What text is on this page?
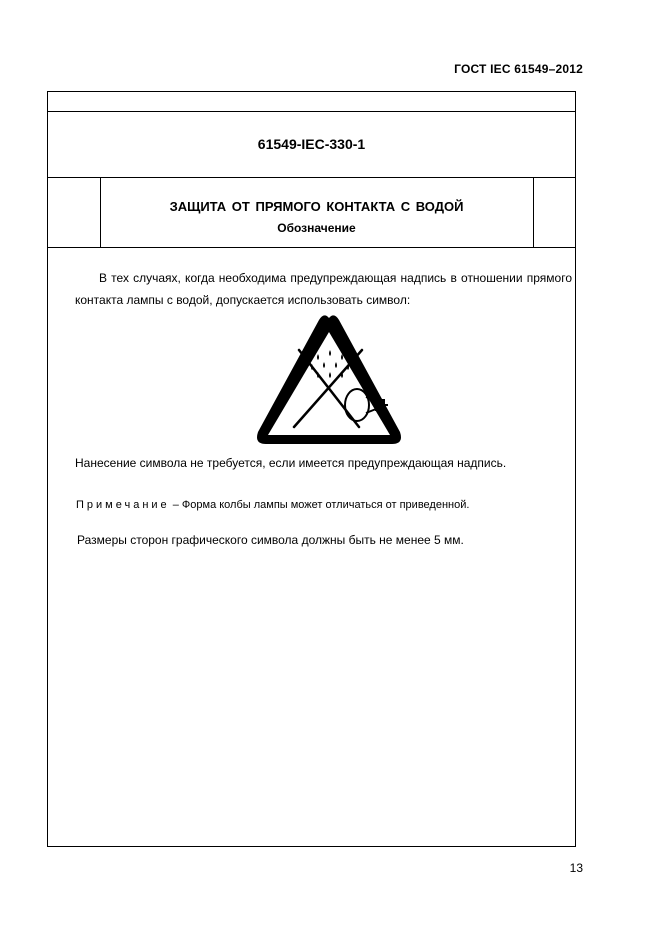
ГОСТ IEC 61549–2012
61549-IEC-330-1
ЗАЩИТА ОТ ПРЯМОГО КОНТАКТА С ВОДОЙ
Обозначение
В тех случаях, когда необходима предупреждающая надпись в отношении прямого контакта лампы с водой, допускается использовать символ:
Нанесение символа не требуется, если имеется предупреждающая надпись.
Примечание – Форма колбы лампы может отличаться от приведенной.
Размеры сторон графического символа должны быть не менее 5 мм.
13
